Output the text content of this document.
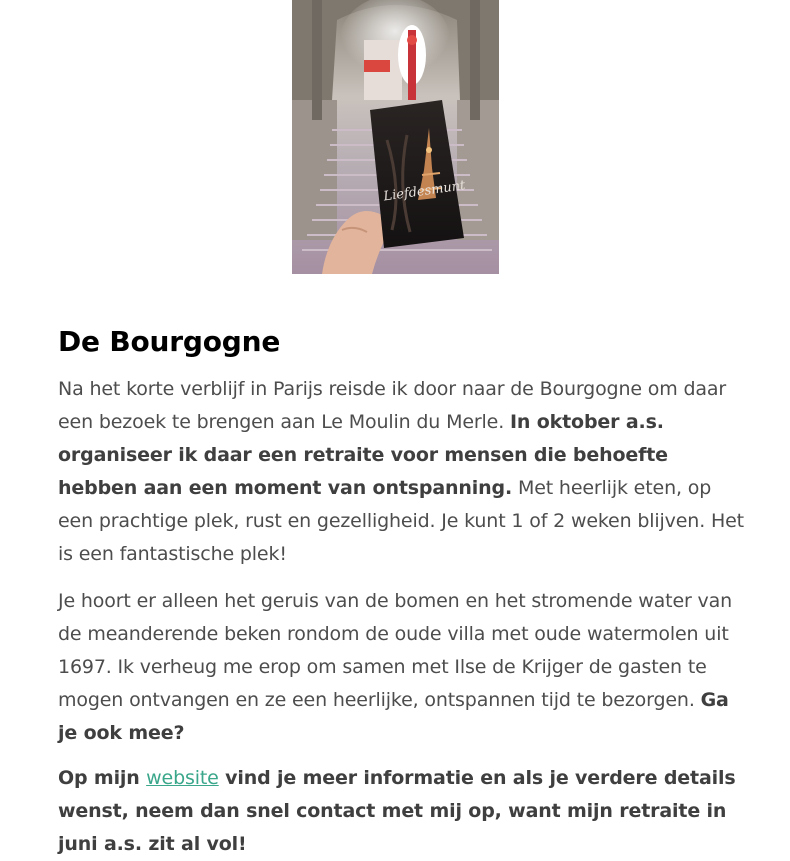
Liefdesmunt
De Bourgogne

Na het korte verblijf in Parijs reisde ik door naar de Bourgogne om daar een bezoek te brengen aan Le Moulin du Merle. In oktober a.s. organiseer ik daar een retraite voor mensen die behoefte hebben aan een moment van ontspanning. Met heerlijk eten, op een prachtige plek, rust en gezelligheid. Je kunt 1 of 2 weken blijven. Het is een fantastische plek!

Je hoort er alleen het geruis van de bomen en het stromende water van de meanderende beken rondom de oude villa met oude watermolen uit 1697. Ik verheug me erop om samen met Ilse de Krijger de gasten te mogen ontvangen en ze een heerlijke, ontspannen tijd te bezorgen. Ga je ook mee?

Op mijn website vind je meer informatie en als je verdere details wenst, neem dan snel contact met mij op, want mijn retraite in juni a.s. zit al vol!
